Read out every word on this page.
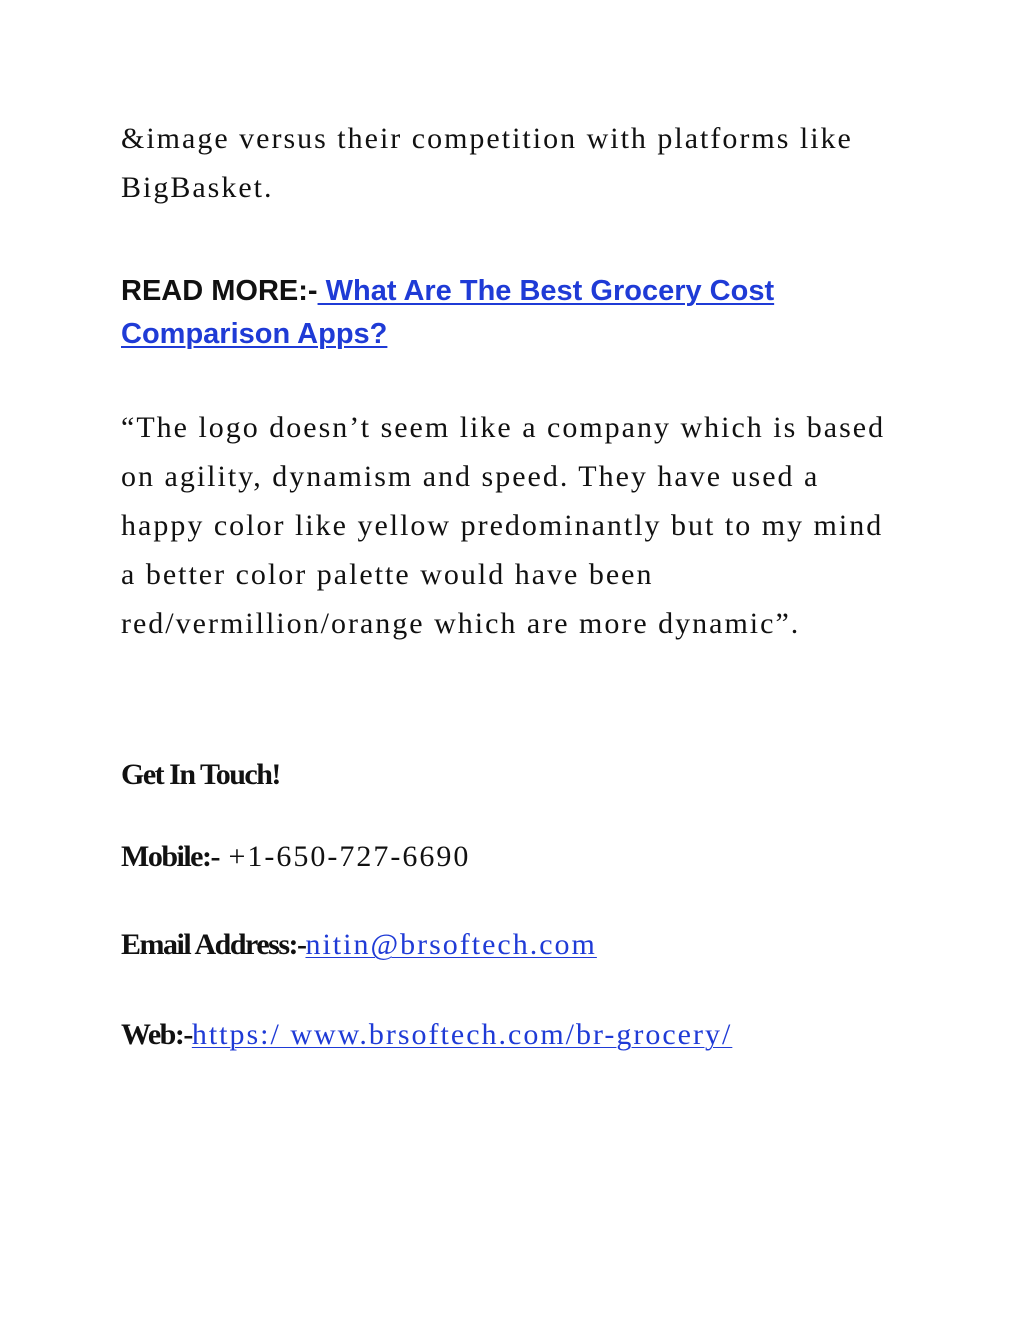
&image versus their competition with platforms like BigBasket.

READ MORE:- What Are The Best Grocery Cost Comparison Apps?

“The logo doesn’t seem like a company which is based on agility, dynamism and speed. They have used a happy color like yellow predominantly but to my mind a better color palette would have been red/vermillion/orange which are more dynamic”.

Get In Touch!

Mobile:- +1-650-727-6690

Email Address:-nitin@brsoftech.com

Web:-https:/ www.brsoftech.com/br-grocery/
